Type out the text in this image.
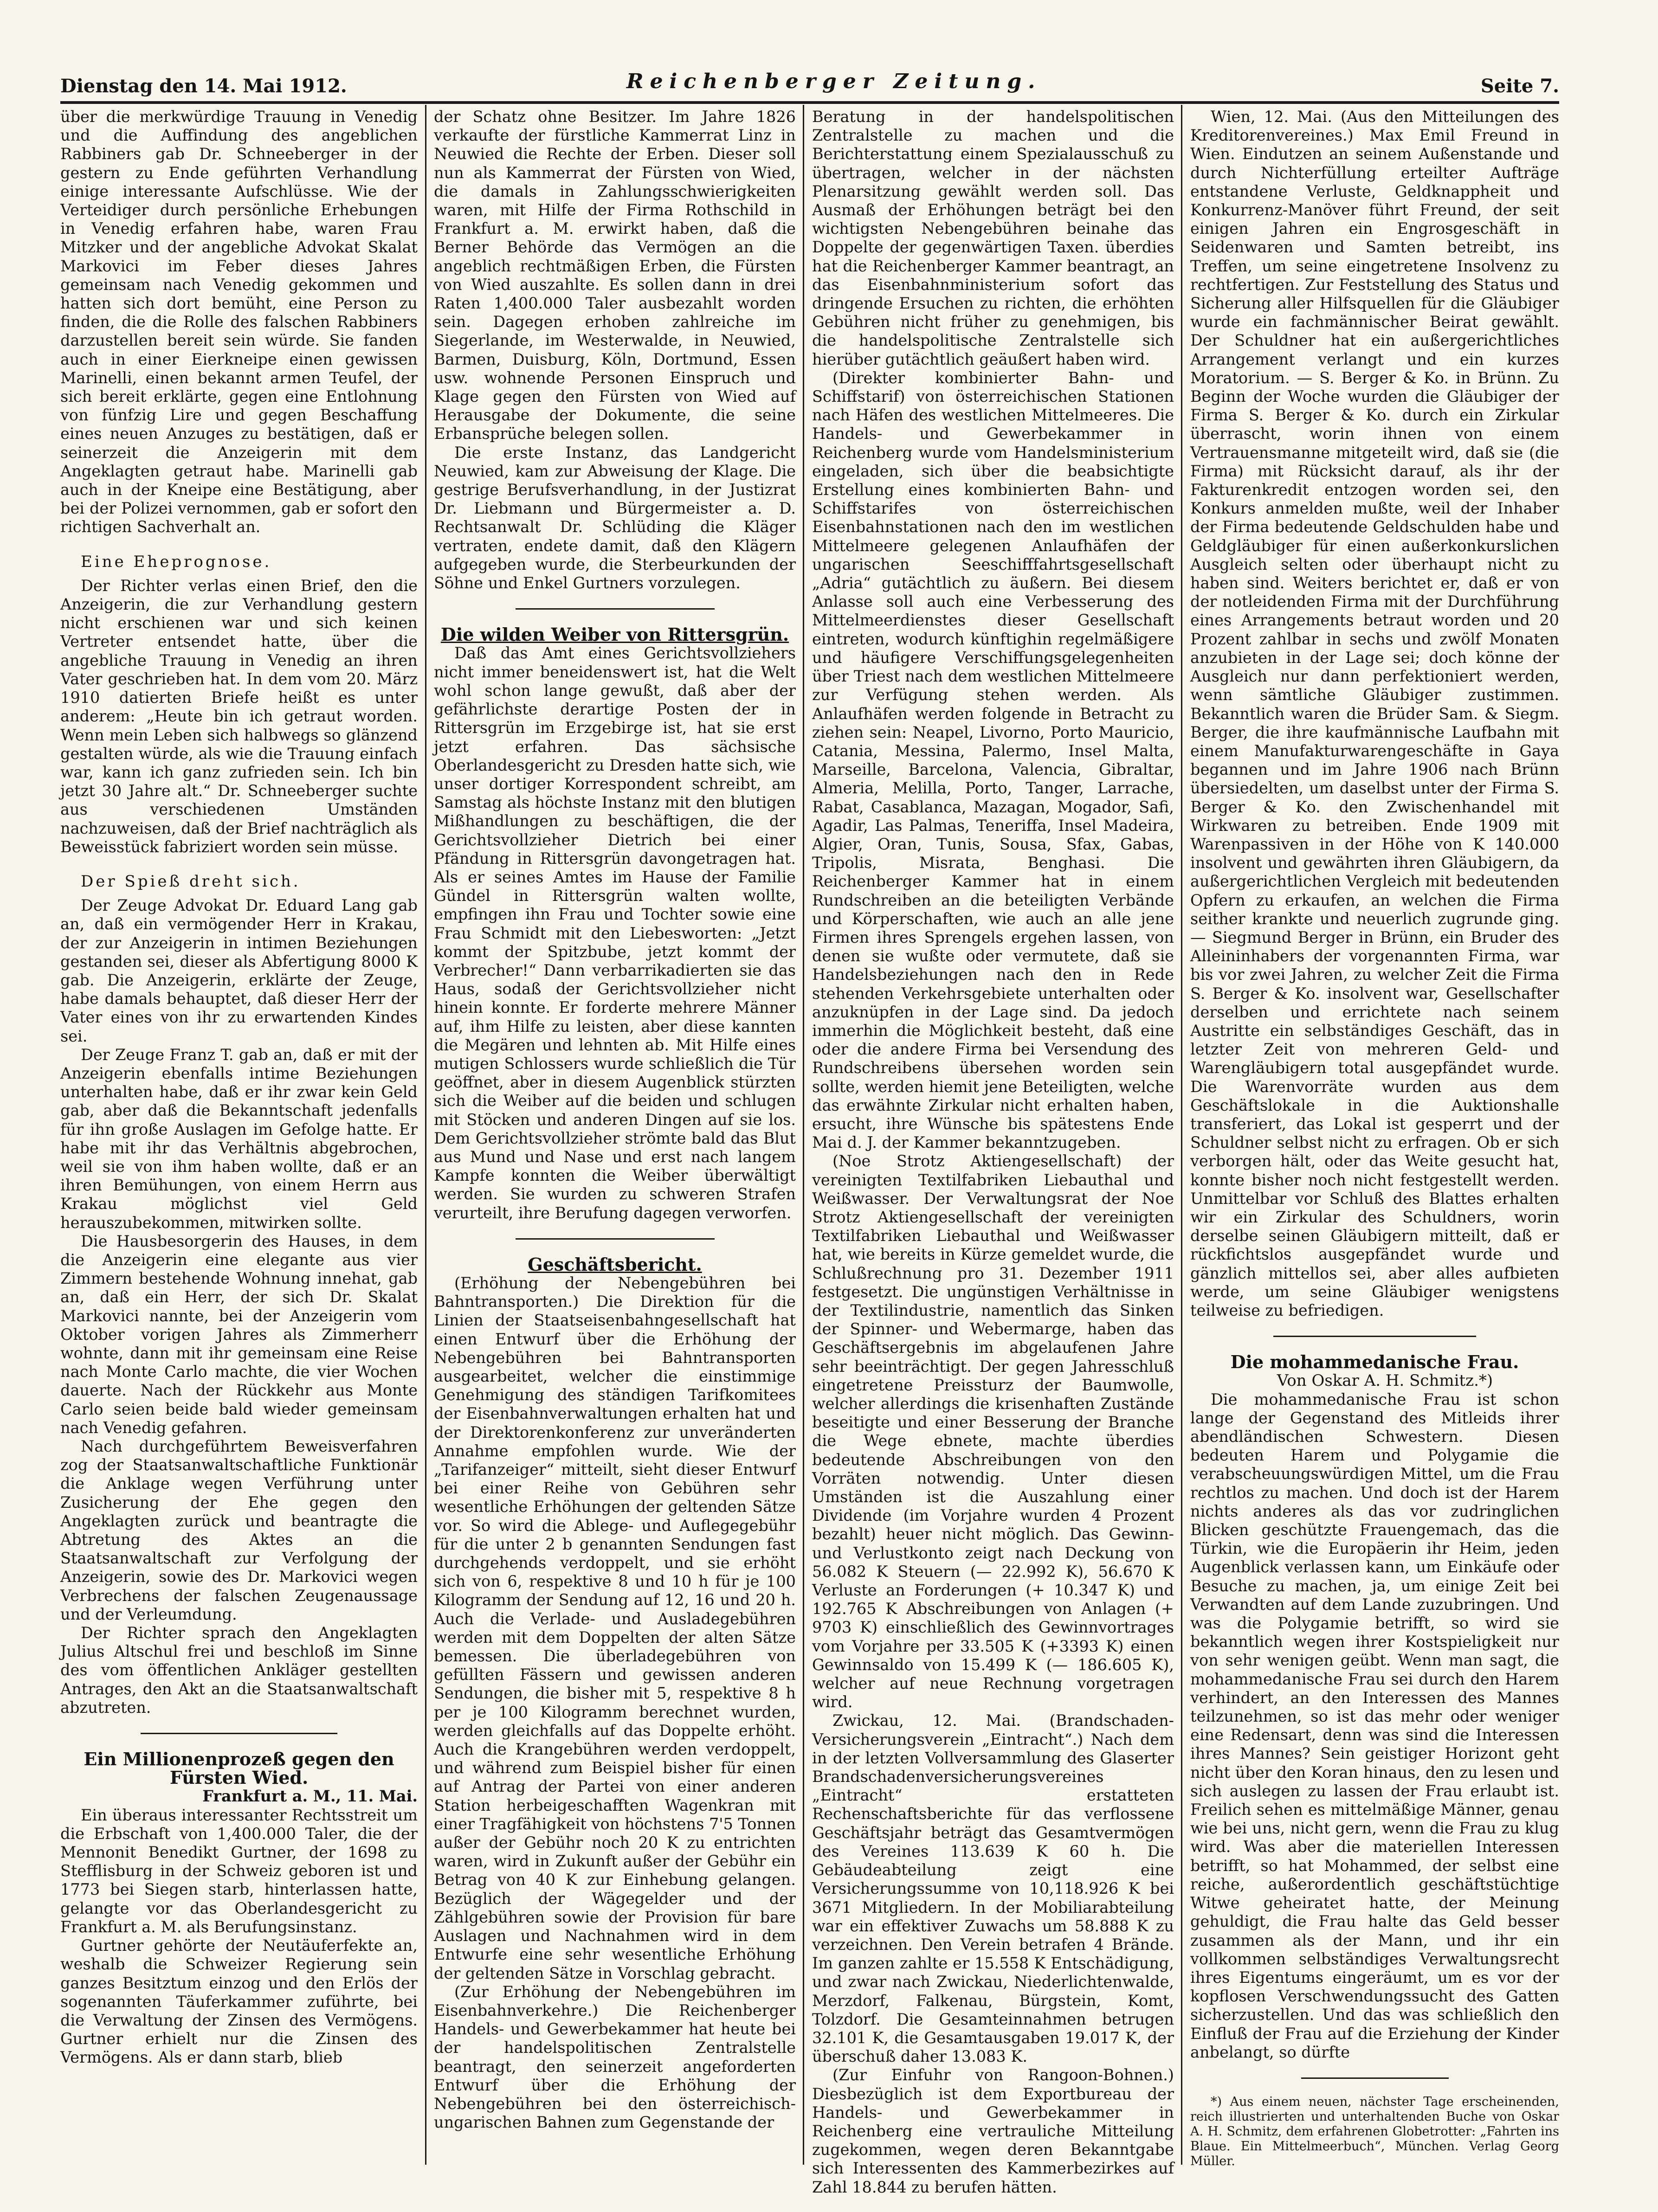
Dienstag den 14. Mai 1912.	Reichenberger Zeitung.	Seite 7.

über die merkwürdige Trauung in Venedig und die Auffindung des angeblichen Rabbiners gab Dr. Schneeberger in der gestern zu Ende geführten Verhandlung einige interessante Aufschlüsse. Wie der Verteidiger durch persönliche Erhebungen in Venedig erfahren habe, waren Frau Mitzker und der angebliche Advokat Skalat Markovici im Feber dieses Jahres gemeinsam nach Venedig gekommen und hatten sich dort bemüht, eine Person zu finden, die die Rolle des falschen Rabbiners darzustellen bereit sein würde. Sie fanden auch in einer Eierkneipe einen gewissen Marinelli, einen bekannt armen Teufel, der sich bereit erklärte, gegen eine Entlohnung von fünfzig Lire und gegen Beschaffung eines neuen Anzuges zu bestätigen, daß er seinerzeit die Anzeigerin mit dem Angeklagten getraut habe. Marinelli gab auch in der Kneipe eine Bestätigung, aber bei der Polizei vernommen, gab er sofort den richtigen Sachverhalt an.

Eine Eheprognose.

Der Richter verlas einen Brief, den die Anzeigerin, die zur Verhandlung gestern nicht erschienen war und sich keinen Vertreter entsendet hatte, über die angebliche Trauung in Venedig an ihren Vater geschrieben hat. In dem vom 20. März 1910 datierten Briefe heißt es unter anderem: „Heute bin ich getraut worden. Wenn mein Leben sich halbwegs so glänzend gestalten würde, als wie die Trauung einfach war, kann ich ganz zufrieden sein. Ich bin jetzt 30 Jahre alt.“ Dr. Schneeberger suchte aus verschiedenen Umständen nachzuweisen, daß der Brief nachträglich als Beweisstück fabriziert worden sein müsse.

Der Spieß dreht sich.

Der Zeuge Advokat Dr. Eduard Lang gab an, daß ein vermögender Herr in Krakau, der zur Anzeigerin in intimen Beziehungen gestanden sei, dieser als Abfertigung 8000 K gab. Die Anzeigerin, erklärte der Zeuge, habe damals behauptet, daß dieser Herr der Vater eines von ihr zu erwartenden Kindes sei.

Der Zeuge Franz T. gab an, daß er mit der Anzeigerin ebenfalls intime Beziehungen unterhalten habe, daß er ihr zwar kein Geld gab, aber daß die Bekanntschaft jedenfalls für ihn große Auslagen im Gefolge hatte. Er habe mit ihr das Verhältnis abgebrochen, weil sie von ihm haben wollte, daß er an ihren Bemühungen, von einem Herrn aus Krakau möglichst viel Geld herauszubekommen, mitwirken sollte.

Die Hausbesorgerin des Hauses, in dem die Anzeigerin eine elegante aus vier Zimmern bestehende Wohnung innehat, gab an, daß ein Herr, der sich Dr. Skalat Markovici nannte, bei der Anzeigerin vom Oktober vorigen Jahres als Zimmerherr wohnte, dann mit ihr gemeinsam eine Reise nach Monte Carlo machte, die vier Wochen dauerte. Nach der Rückkehr aus Monte Carlo seien beide bald wieder gemeinsam nach Venedig gefahren.

Nach durchgeführtem Beweisverfahren zog der Staatsanwaltschaftliche Funktionär die Anklage wegen Verführung unter Zusicherung der Ehe gegen den Angeklagten zurück und beantragte die Abtretung des Aktes an die Staatsanwaltschaft zur Verfolgung der Anzeigerin, sowie des Dr. Markovici wegen Verbrechens der falschen Zeugenaussage und der Verleumdung.

Der Richter sprach den Angeklagten Julius Altschul frei und beschloß im Sinne des vom öffentlichen Ankläger gestellten Antrages, den Akt an die Staatsanwaltschaft abzutreten.

Ein Millionenprozeß gegen den Fürsten Wied.

Frankfurt a. M., 11. Mai.

Ein überaus interessanter Rechtsstreit um die Erbschaft von 1,400.000 Taler, die der Mennonit Benedikt Gurtner, der 1698 zu Stefflisburg in der Schweiz geboren ist und 1773 bei Siegen starb, hinterlassen hatte, gelangte vor das Oberlandesgericht zu Frankfurt a. M. als Berufungsinstanz.

Gurtner gehörte der Neutäuferfekte an, weshalb die Schweizer Regierung sein ganzes Besitztum einzog und den Erlös der sogenannten Täuferkammer zuführte, bei die Verwaltung der Zinsen des Vermögens. Gurtner erhielt nur die Zinsen des Vermögens. Als er dann starb, blieb

der Schatz ohne Besitzer. Im Jahre 1826 verkaufte der fürstliche Kammerrat Linz in Neuwied die Rechte der Erben. Dieser soll nun als Kammerrat der Fürsten von Wied, die damals in Zahlungsschwierigkeiten waren, mit Hilfe der Firma Rothschild in Frankfurt a. M. erwirkt haben, daß die Berner Behörde das Vermögen an die angeblich rechtmäßigen Erben, die Fürsten von Wied auszahlte. Es sollen dann in drei Raten 1,400.000 Taler ausbezahlt worden sein. Dagegen erhoben zahlreiche im Siegerlande, im Westerwalde, in Neuwied, Barmen, Duisburg, Köln, Dortmund, Essen usw. wohnende Personen Einspruch und Klage gegen den Fürsten von Wied auf Herausgabe der Dokumente, die seine Erbansprüche belegen sollen.

Die erste Instanz, das Landgericht Neuwied, kam zur Abweisung der Klage. Die gestrige Berufsverhandlung, in der Justizrat Dr. Liebmann und Bürgermeister a. D. Rechtsanwalt Dr. Schlüding die Kläger vertraten, endete damit, daß den Klägern aufgegeben wurde, die Sterbeurkunden der Söhne und Enkel Gurtners vorzulegen.

Die wilden Weiber von Rittersgrün.

Daß das Amt eines Gerichtsvollziehers nicht immer beneidenswert ist, hat die Welt wohl schon lange gewußt, daß aber der gefährlichste derartige Posten der in Rittersgrün im Erzgebirge ist, hat sie erst jetzt erfahren. Das sächsische Oberlandesgericht zu Dresden hatte sich, wie unser dortiger Korrespondent schreibt, am Samstag als höchste Instanz mit den blutigen Mißhandlungen zu beschäftigen, die der Gerichtsvollzieher Dietrich bei einer Pfändung in Rittersgrün davongetragen hat. Als er seines Amtes im Hause der Familie Gündel in Rittersgrün walten wollte, empfingen ihn Frau und Tochter sowie eine Frau Schmidt mit den Liebesworten: „Jetzt kommt der Spitzbube, jetzt kommt der Verbrecher!“ Dann verbarrikadierten sie das Haus, sodaß der Gerichtsvollzieher nicht hinein konnte. Er forderte mehrere Männer auf, ihm Hilfe zu leisten, aber diese kannten die Megären und lehnten ab. Mit Hilfe eines mutigen Schlossers wurde schließlich die Tür geöffnet, aber in diesem Augenblick stürzten sich die Weiber auf die beiden und schlugen mit Stöcken und anderen Dingen auf sie los. Dem Gerichtsvollzieher strömte bald das Blut aus Mund und Nase und erst nach langem Kampfe konnten die Weiber überwältigt werden. Sie wurden zu schweren Strafen verurteilt, ihre Berufung dagegen verworfen.

Geschäftsbericht.

(Erhöhung der Nebengebühren bei Bahntransporten.) Die Direktion für die Linien der Staatseisenbahngesellschaft hat einen Entwurf über die Erhöhung der Nebengebühren bei Bahntransporten ausgearbeitet, welcher die einstimmige Genehmigung des ständigen Tarifkomitees der Eisenbahnverwaltungen erhalten hat und der Direktorenkonferenz zur unveränderten Annahme empfohlen wurde. Wie der „Tarifanzeiger“ mitteilt, sieht dieser Entwurf bei einer Reihe von Gebühren sehr wesentliche Erhöhungen der geltenden Sätze vor. So wird die Ablege- und Auflegegebühr für die unter 2 b genannten Sendungen fast durchgehends verdoppelt, und sie erhöht sich von 6, respektive 8 und 10 h für je 100 Kilogramm der Sendung auf 12, 16 und 20 h. Auch die Verlade- und Ausladegebühren werden mit dem Doppelten der alten Sätze bemessen. Die überladegebühren von gefüllten Fässern und gewissen anderen Sendungen, die bisher mit 5, respektive 8 h per je 100 Kilogramm berechnet wurden, werden gleichfalls auf das Doppelte erhöht. Auch die Krangebühren werden verdoppelt, und während zum Beispiel bisher für einen auf Antrag der Partei von einer anderen Station herbeigeschafften Wagenkran mit einer Tragfähigkeit von höchstens 7'5 Tonnen außer der Gebühr noch 20 K zu entrichten waren, wird in Zukunft außer der Gebühr ein Betrag von 40 K zur Einhebung gelangen. Bezüglich der Wägegelder und der Zählgebühren sowie der Provision für bare Auslagen und Nachnahmen wird in dem Entwurfe eine sehr wesentliche Erhöhung der geltenden Sätze in Vorschlag gebracht.

(Zur Erhöhung der Nebengebühren im Eisenbahnverkehre.) Die Reichenberger Handels- und Gewerbekammer hat heute bei der handelspolitischen Zentralstelle beantragt, den seinerzeit angeforderten Entwurf über die Erhöhung der Nebengebühren bei den österreichisch-ungarischen Bahnen zum Gegenstande der

Beratung in der handelspolitischen Zentralstelle zu machen und die Berichterstattung einem Spezialausschuß zu übertragen, welcher in der nächsten Plenarsitzung gewählt werden soll. Das Ausmaß der Erhöhungen beträgt bei den wichtigsten Nebengebühren beinahe das Doppelte der gegenwärtigen Taxen. überdies hat die Reichenberger Kammer beantragt, an das Eisenbahnministerium sofort das dringende Ersuchen zu richten, die erhöhten Gebühren nicht früher zu genehmigen, bis die handelspolitische Zentralstelle sich hierüber gutächtlich geäußert haben wird.

(Direkter kombinierter Bahn- und Schiffstarif) von österreichischen Stationen nach Häfen des westlichen Mittelmeeres. Die Handels- und Gewerbekammer in Reichenberg wurde vom Handelsministerium eingeladen, sich über die beabsichtigte Erstellung eines kombinierten Bahn- und Schiffstarifes von österreichischen Eisenbahnstationen nach den im westlichen Mittelmeere gelegenen Anlaufhäfen der ungarischen Seeschifffahrtsgesellschaft „Adria“ gutächtlich zu äußern. Bei diesem Anlasse soll auch eine Verbesserung des Mittelmeerdienstes dieser Gesellschaft eintreten, wodurch künftighin regelmäßigere und häufigere Verschiffungsgelegenheiten über Triest nach dem westlichen Mittelmeere zur Verfügung stehen werden. Als Anlaufhäfen werden folgende in Betracht zu ziehen sein: Neapel, Livorno, Porto Mauricio, Catania, Messina, Palermo, Insel Malta, Marseille, Barcelona, Valencia, Gibraltar, Almeria, Melilla, Porto, Tanger, Larrache, Rabat, Casablanca, Mazagan, Mogador, Safi, Agadir, Las Palmas, Teneriffa, Insel Madeira, Algier, Oran, Tunis, Sousa, Sfax, Gabas, Tripolis, Misrata, Benghasi. Die Reichenberger Kammer hat in einem Rundschreiben an die beteiligten Verbände und Körperschaften, wie auch an alle jene Firmen ihres Sprengels ergehen lassen, von denen sie wußte oder vermutete, daß sie Handelsbeziehungen nach den in Rede stehenden Verkehrsgebiete unterhalten oder anzuknüpfen in der Lage sind. Da jedoch immerhin die Möglichkeit besteht, daß eine oder die andere Firma bei Versendung des Rundschreibens übersehen worden sein sollte, werden hiemit jene Beteiligten, welche das erwähnte Zirkular nicht erhalten haben, ersucht, ihre Wünsche bis spätestens Ende Mai d. J. der Kammer bekanntzugeben.

(Noe Strotz Aktiengesellschaft) der vereinigten Textilfabriken Liebauthal und Weißwasser. Der Verwaltungsrat der Noe Strotz Aktiengesellschaft der vereinigten Textilfabriken Liebauthal und Weißwasser hat, wie bereits in Kürze gemeldet wurde, die Schlußrechnung pro 31. Dezember 1911 festgesetzt. Die ungünstigen Verhältnisse in der Textilindustrie, namentlich das Sinken der Spinner- und Webermarge, haben das Geschäftsergebnis im abgelaufenen Jahre sehr beeinträchtigt. Der gegen Jahresschluß eingetretene Preissturz der Baumwolle, welcher allerdings die krisenhaften Zustände beseitigte und einer Besserung der Branche die Wege ebnete, machte überdies bedeutende Abschreibungen von den Vorräten notwendig. Unter diesen Umständen ist die Auszahlung einer Dividende (im Vorjahre wurden 4 Prozent bezahlt) heuer nicht möglich. Das Gewinn- und Verlustkonto zeigt nach Deckung von 56.082 K Steuern (— 22.992 K), 56.670 K Verluste an Forderungen (+ 10.347 K) und 192.765 K Abschreibungen von Anlagen (+ 9703 K) einschließlich des Gewinnvortrages vom Vorjahre per 33.505 K (+3393 K) einen Gewinnsaldo von 15.499 K (— 186.605 K), welcher auf neue Rechnung vorgetragen wird.

Zwickau, 12. Mai. (Brandschaden-Versicherungsverein „Eintracht“.) Nach dem in der letzten Vollversammlung des Glaserter Brandschadenversicherungsvereines „Eintracht“ erstatteten Rechenschaftsberichte für das verflossene Geschäftsjahr beträgt das Gesamtvermögen des Vereines 113.639 K 60 h. Die Gebäudeabteilung zeigt eine Versicherungssumme von 10,118.926 K bei 3671 Mitgliedern. In der Mobiliarabteilung war ein effektiver Zuwachs um 58.888 K zu verzeichnen. Den Verein betrafen 4 Brände. Im ganzen zahlte er 15.558 K Entschädigung, und zwar nach Zwickau, Niederlichtenwalde, Merzdorf, Falkenau, Bürgstein, Komt, Tolzdorf. Die Gesamteinnahmen betrugen 32.101 K, die Gesamtausgaben 19.017 K, der überschuß daher 13.083 K.

(Zur Einfuhr von Rangoon-Bohnen.) Diesbezüglich ist dem Exportbureau der Handels- und Gewerbekammer in Reichenberg eine vertrauliche Mitteilung zugekommen, wegen deren Bekanntgabe sich Interessenten des Kammerbezirkes auf Zahl 18.844 zu berufen hätten.

Wien, 12. Mai. (Aus den Mitteilungen des Kreditorenvereines.) Max Emil Freund in Wien. Eindutzen an seinem Außenstande und durch Nichterfüllung erteilter Aufträge entstandene Verluste, Geldknappheit und Konkurrenz-Manöver führt Freund, der seit einigen Jahren ein Engrosgeschäft in Seidenwaren und Samten betreibt, ins Treffen, um seine eingetretene Insolvenz zu rechtfertigen. Zur Feststellung des Status und Sicherung aller Hilfsquellen für die Gläubiger wurde ein fachmännischer Beirat gewählt. Der Schuldner hat ein außergerichtliches Arrangement verlangt und ein kurzes Moratorium. — S. Berger & Ko. in Brünn. Zu Beginn der Woche wurden die Gläubiger der Firma S. Berger & Ko. durch ein Zirkular überrascht, worin ihnen von einem Vertrauensmanne mitgeteilt wird, daß sie (die Firma) mit Rücksicht darauf, als ihr der Fakturenkredit entzogen worden sei, den Konkurs anmelden mußte, weil der Inhaber der Firma bedeutende Geldschulden habe und Geldgläubiger für einen außerkonkurslichen Ausgleich selten oder überhaupt nicht zu haben sind. Weiters berichtet er, daß er von der notleidenden Firma mit der Durchführung eines Arrangements betraut worden und 20 Prozent zahlbar in sechs und zwölf Monaten anzubieten in der Lage sei; doch könne der Ausgleich nur dann perfektioniert werden, wenn sämtliche Gläubiger zustimmen. Bekanntlich waren die Brüder Sam. & Siegm. Berger, die ihre kaufmännische Laufbahn mit einem Manufakturwarengeschäfte in Gaya begannen und im Jahre 1906 nach Brünn übersiedelten, um daselbst unter der Firma S. Berger & Ko. den Zwischenhandel mit Wirkwaren zu betreiben. Ende 1909 mit Warenpassiven in der Höhe von K 140.000 insolvent und gewährten ihren Gläubigern, da außergerichtlichen Vergleich mit bedeutenden Opfern zu erkaufen, an welchen die Firma seither krankte und neuerlich zugrunde ging. — Siegmund Berger in Brünn, ein Bruder des Alleininhabers der vorgenannten Firma, war bis vor zwei Jahren, zu welcher Zeit die Firma S. Berger & Ko. insolvent war, Gesellschafter derselben und errichtete nach seinem Austritte ein selbständiges Geschäft, das in letzter Zeit von mehreren Geld- und Warengläubigern total ausgepfändet wurde. Die Warenvorräte wurden aus dem Geschäftslokale in die Auktionshalle transferiert, das Lokal ist gesperrt und der Schuldner selbst nicht zu erfragen. Ob er sich verborgen hält, oder das Weite gesucht hat, konnte bisher noch nicht festgestellt werden. Unmittelbar vor Schluß des Blattes erhalten wir ein Zirkular des Schuldners, worin derselbe seinen Gläubigern mitteilt, daß er rückfichtslos ausgepfändet wurde und gänzlich mittellos sei, aber alles aufbieten werde, um seine Gläubiger wenigstens teilweise zu befriedigen.

Die mohammedanische Frau.

Von Oskar A. H. Schmitz.*)

Die mohammedanische Frau ist schon lange der Gegenstand des Mitleids ihrer abendländischen Schwestern. Diesen bedeuten Harem und Polygamie die verabscheuungswürdigen Mittel, um die Frau rechtlos zu machen. Und doch ist der Harem nichts anderes als das vor zudringlichen Blicken geschützte Frauengemach, das die Türkin, wie die Europäerin ihr Heim, jeden Augenblick verlassen kann, um Einkäufe oder Besuche zu machen, ja, um einige Zeit bei Verwandten auf dem Lande zuzubringen. Und was die Polygamie betrifft, so wird sie bekanntlich wegen ihrer Kostspieligkeit nur von sehr wenigen geübt. Wenn man sagt, die mohammedanische Frau sei durch den Harem verhindert, an den Interessen des Mannes teilzunehmen, so ist das mehr oder weniger eine Redensart, denn was sind die Interessen ihres Mannes? Sein geistiger Horizont geht nicht über den Koran hinaus, den zu lesen und sich auslegen zu lassen der Frau erlaubt ist. Freilich sehen es mittelmäßige Männer, genau wie bei uns, nicht gern, wenn die Frau zu klug wird. Was aber die materiellen Interessen betrifft, so hat Mohammed, der selbst eine reiche, außerordentlich geschäftstüchtige Witwe geheiratet hatte, der Meinung gehuldigt, die Frau halte das Geld besser zusammen als der Mann, und ihr ein vollkommen selbständiges Verwaltungsrecht ihres Eigentums eingeräumt, um es vor der kopflosen Verschwendungssucht des Gatten sicherzustellen. Und das was schließlich den Einfluß der Frau auf die Erziehung der Kinder anbelangt, so dürfte

*) Aus einem neuen, nächster Tage erscheinenden, reich illustrierten und unterhaltenden Buche von Oskar A. H. Schmitz, dem erfahrenen Globetrotter: „Fahrten ins Blaue. Ein Mittelmeerbuch“, München. Verlag Georg Müller.
